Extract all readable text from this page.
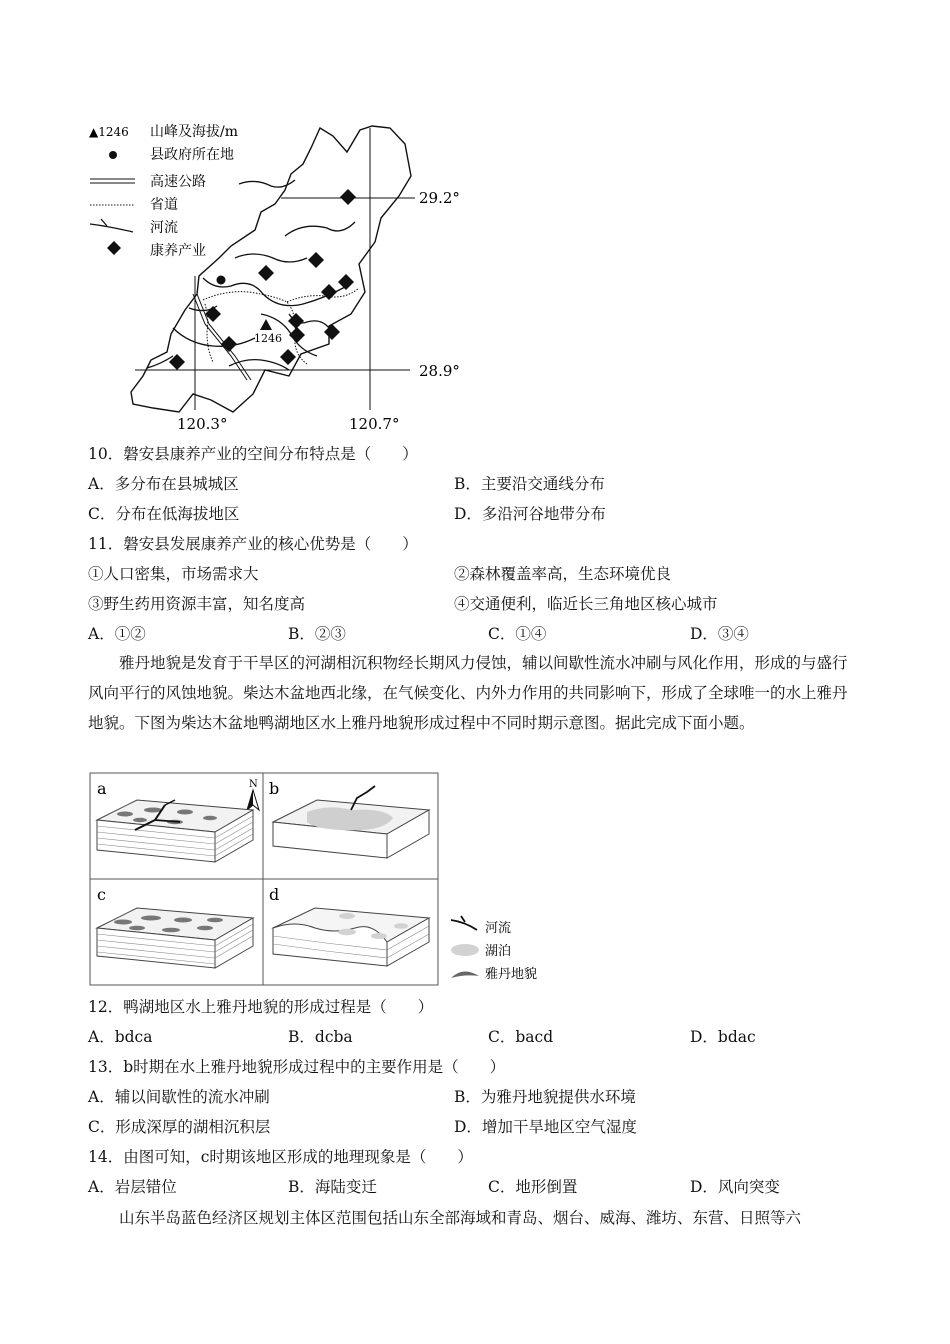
▲1246 山峰及海拔/m
县政府所在地
高速公路
省道
河流
康养产业
29.2°
28.9°
120.3°	120.7°
1246
10．磐安县康养产业的空间分布特点是（　　）
A．多分布在县城城区	B．主要沿交通线分布
C．分布在低海拔地区	D．多沿河谷地带分布
11．磐安县发展康养产业的核心优势是（　　）
①人口密集，市场需求大	②森林覆盖率高，生态环境优良
③野生药用资源丰富，知名度高	④交通便利，临近长三角地区核心城市
A．①②	B．②③	C．①④	D．③④
雅丹地貌是发育于干旱区的河湖相沉积物经长期风力侵蚀，辅以间歇性流水冲刷与风化作用，形成的与盛行风向平行的风蚀地貌。柴达木盆地西北缘，在气候变化、内外力作用的共同影响下，形成了全球唯一的水上雅丹地貌。下图为柴达木盆地鸭湖地区水上雅丹地貌形成过程中不同时期示意图。据此完成下面小题。
a	b
c	d
N
河流
湖泊
雅丹地貌
12．鸭湖地区水上雅丹地貌的形成过程是（　　）
A．bdca	B．dcba	C．bacd	D．bdac
13．b时期在水上雅丹地貌形成过程中的主要作用是（　　）
A．辅以间歇性的流水冲刷	B．为雅丹地貌提供水环境
C．形成深厚的湖相沉积层	D．增加干旱地区空气湿度
14．由图可知，c时期该地区形成的地理现象是（　　）
A．岩层错位	B．海陆变迁	C．地形倒置	D．风向突变
山东半岛蓝色经济区规划主体区范围包括山东全部海域和青岛、烟台、威海、潍坊、东营、日照等六
